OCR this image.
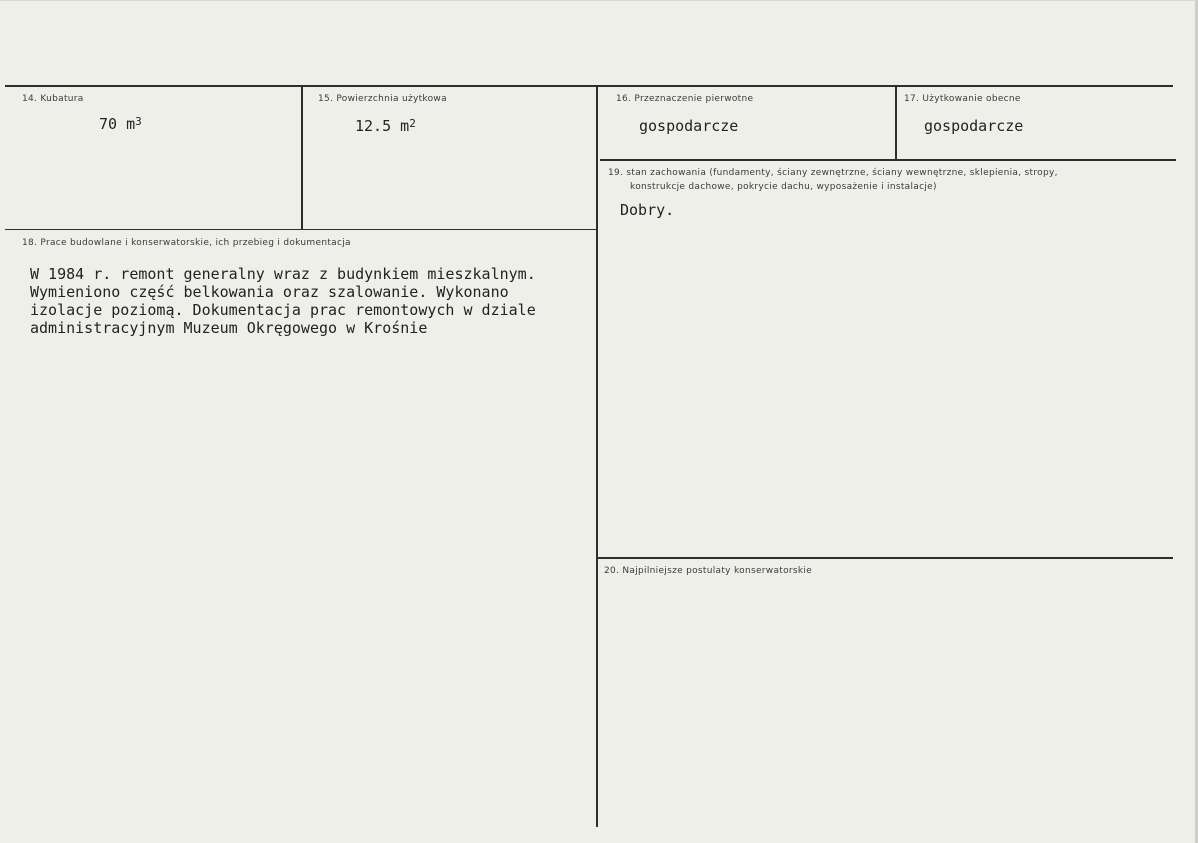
14. Kubatura
70 $m^3$
15. Powierzchnia użytkowa
12.5 $m^2$
16. Przeznaczenie pierwotne
gospodarcze
17. Użytkowanie obecne
gospodarcze
18. Prace budowlane i konserwatorskie, ich przebieg i dokumentacja
W 1984 r. remont generalny wraz z budynkiem mieszkalnym.
Wymieniono część belkowania oraz szalowanie. Wykonano
izolacje poziomą. Dokumentacja prac remontowych w dziale
administracyjnym Muzeum Okręgowego w Krośnie
19. stan zachowania (fundamenty, ściany zewnętrzne, ściany wewnętrzne, sklepienia, stropy,
konstrukcje dachowe, pokrycie dachu, wyposażenie i instalacje)
Dobry.
20. Najpilniejsze postulaty konserwatorskie
